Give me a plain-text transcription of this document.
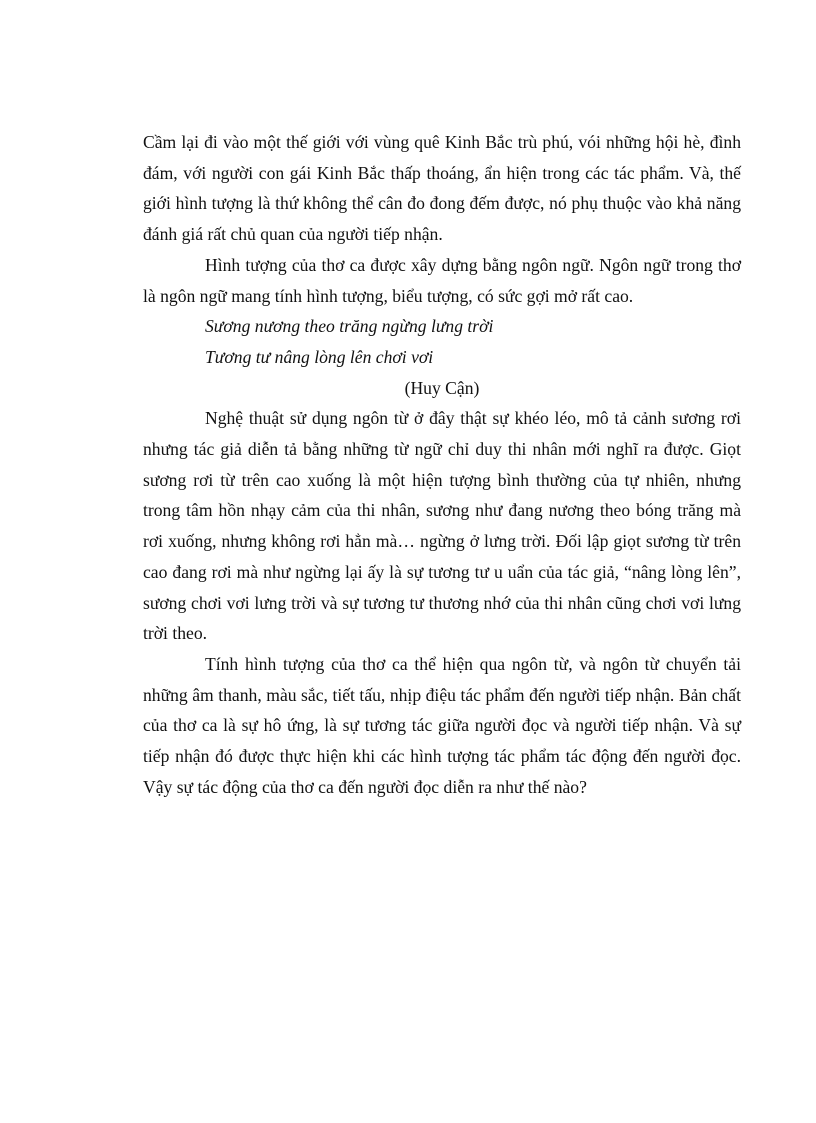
Cầm lại đi vào một thế giới với vùng quê Kinh Bắc trù phú, vói những hội hè, đình đám, với người con gái Kinh Bắc thấp thoáng, ẩn hiện trong các tác phẩm. Và, thế giới hình tượng là thứ không thể cân đo đong đếm được, nó phụ thuộc vào khả năng đánh giá rất chủ quan của người tiếp nhận.

Hình tượng của thơ ca được xây dựng bằng ngôn ngữ. Ngôn ngữ trong thơ là ngôn ngữ mang tính hình tượng, biểu tượng, có sức gợi mở rất cao.

Sương nương theo trăng ngừng lưng trời

Tương tư nâng lòng lên chơi vơi

(Huy Cận)

Nghệ thuật sử dụng ngôn từ ở đây thật sự khéo léo, mô tả cảnh sương rơi nhưng tác giả diễn tả bằng những từ ngữ chỉ duy thi nhân mới nghĩ ra được. Giọt sương rơi từ trên cao xuống là một hiện tượng bình thường của tự nhiên, nhưng trong tâm hồn nhạy cảm của thi nhân, sương như đang nương theo bóng trăng mà rơi xuống, nhưng không rơi hẳn mà… ngừng ở lưng trời. Đối lập giọt sương từ trên cao đang rơi mà như ngừng lại ấy là sự tương tư u uẩn của tác giả, “nâng lòng lên”, sương chơi vơi lưng trời và sự tương tư thương nhớ của thi nhân cũng chơi vơi lưng trời theo.

Tính hình tượng của thơ ca thể hiện qua ngôn từ, và ngôn từ chuyển tải những âm thanh, màu sắc, tiết tấu, nhịp điệu tác phẩm đến người tiếp nhận. Bản chất của thơ ca là sự hô ứng, là sự tương tác giữa người đọc và người tiếp nhận. Và sự tiếp nhận đó được thực hiện khi các hình tượng tác phẩm tác động đến người đọc. Vậy sự tác động của thơ ca đến người đọc diễn ra như thế nào?
